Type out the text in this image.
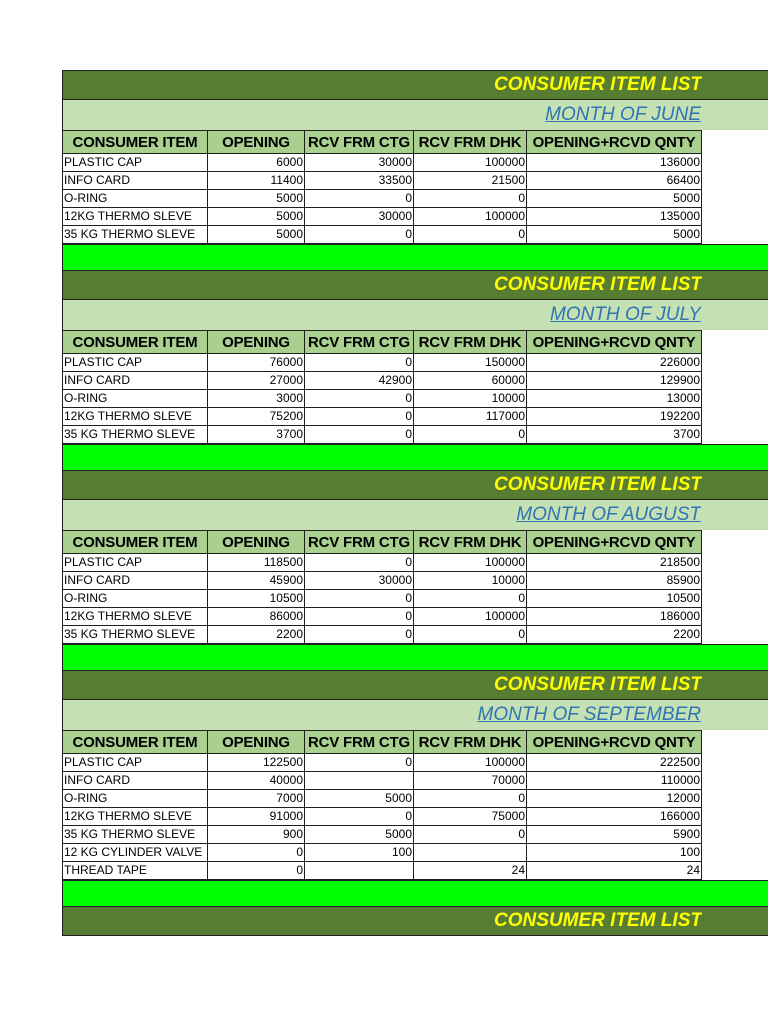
CONSUMER ITEM LIST
MONTH OF JUNE
CONSUMER ITEM	OPENING	RCV FRM CTG	RCV FRM DHK	OPENING+RCVD QNTY
PLASTIC CAP	6000	30000	100000	136000
INFO CARD	11400	33500	21500	66400
O-RING	5000	0	0	5000
12KG THERMO SLEVE	5000	30000	100000	135000
35 KG THERMO SLEVE	5000	0	0	5000
CONSUMER ITEM LIST
MONTH OF JULY
CONSUMER ITEM	OPENING	RCV FRM CTG	RCV FRM DHK	OPENING+RCVD QNTY
PLASTIC CAP	76000	0	150000	226000
INFO CARD	27000	42900	60000	129900
O-RING	3000	0	10000	13000
12KG THERMO SLEVE	75200	0	117000	192200
35 KG THERMO SLEVE	3700	0	0	3700
CONSUMER ITEM LIST
MONTH OF AUGUST
CONSUMER ITEM	OPENING	RCV FRM CTG	RCV FRM DHK	OPENING+RCVD QNTY
PLASTIC CAP	118500	0	100000	218500
INFO CARD	45900	30000	10000	85900
O-RING	10500	0	0	10500
12KG THERMO SLEVE	86000	0	100000	186000
35 KG THERMO SLEVE	2200	0	0	2200
CONSUMER ITEM LIST
MONTH OF SEPTEMBER
CONSUMER ITEM	OPENING	RCV FRM CTG	RCV FRM DHK	OPENING+RCVD QNTY
PLASTIC CAP	122500	0	100000	222500
INFO CARD	40000		70000	110000
O-RING	7000	5000	0	12000
12KG THERMO SLEVE	91000	0	75000	166000
35 KG THERMO SLEVE	900	5000	0	5900
12 KG CYLINDER VALVE	0	100		100
THREAD TAPE	0		24	24
CONSUMER ITEM LIST
